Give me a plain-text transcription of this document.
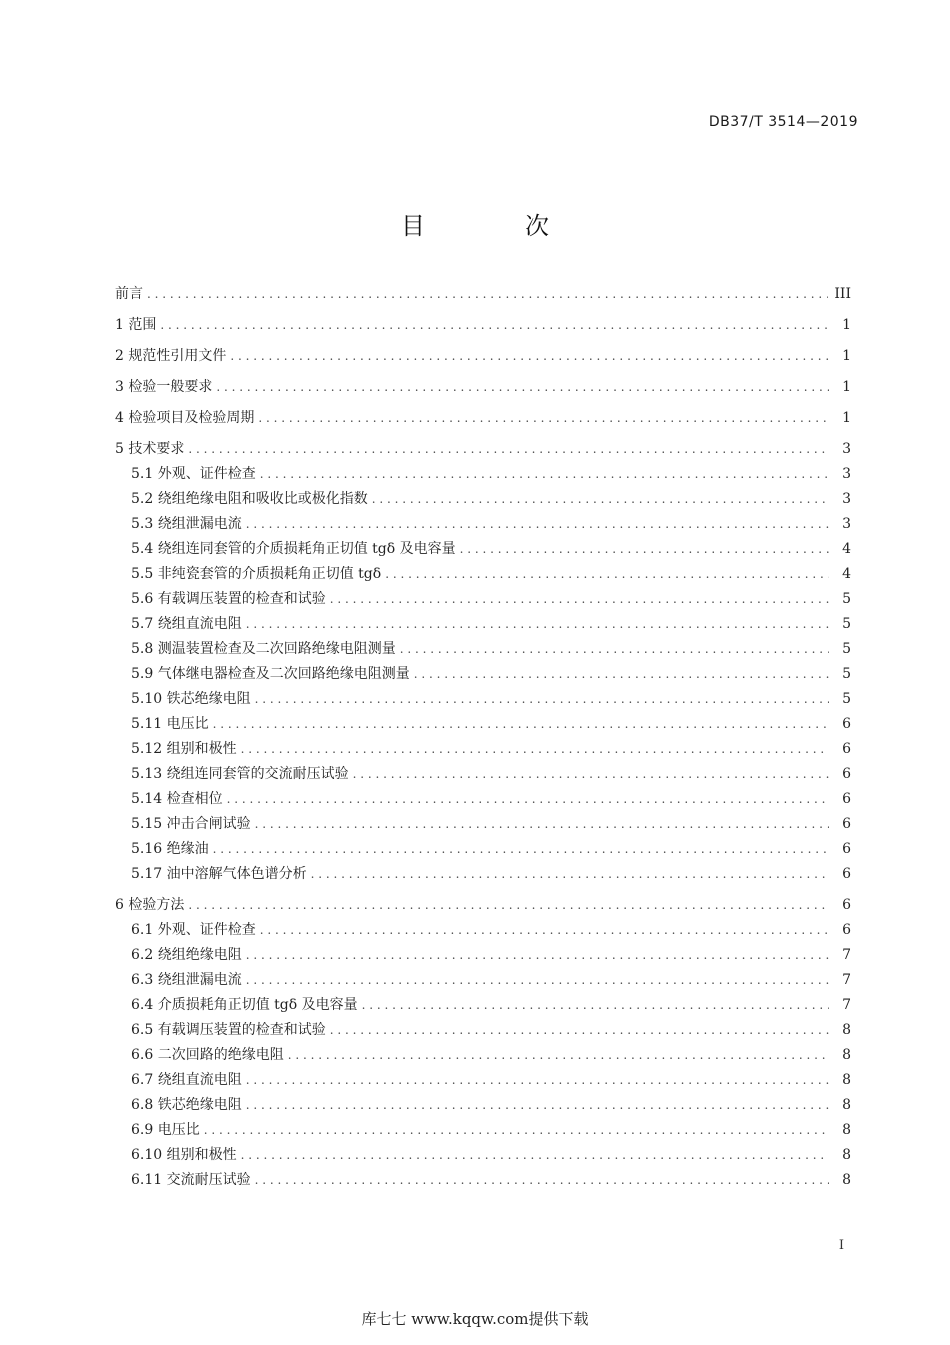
DB37/T 3514—2019
目　次
前言 . . .	III
1 范围 . . .	1
2 规范性引用文件 . . .	1
3 检验一般要求 . . .	1
4 检验项目及检验周期 . . .	1
5 技术要求 . . .	3
5.1 外观、证件检查 . . .	3
5.2 绕组绝缘电阻和吸收比或极化指数 . . .	3
5.3 绕组泄漏电流 . . .	3
5.4 绕组连同套管的介质损耗角正切值 tgδ 及电容量 . . .	4
5.5 非纯瓷套管的介质损耗角正切值 tgδ . . .	4
5.6 有载调压装置的检查和试验 . . .	5
5.7 绕组直流电阻 . . .	5
5.8 测温装置检查及二次回路绝缘电阻测量 . . .	5
5.9 气体继电器检查及二次回路绝缘电阻测量 . . .	5
5.10 铁芯绝缘电阻 . . .	5
5.11 电压比 . . .	6
5.12 组别和极性 . . .	6
5.13 绕组连同套管的交流耐压试验 . . .	6
5.14 检查相位 . . .	6
5.15 冲击合闸试验 . . .	6
5.16 绝缘油 . . .	6
5.17 油中溶解气体色谱分析 . . .	6
6 检验方法 . . .	6
6.1 外观、证件检查 . . .	6
6.2 绕组绝缘电阻 . . .	7
6.3 绕组泄漏电流 . . .	7
6.4 介质损耗角正切值 tgδ 及电容量 . . .	7
6.5 有载调压装置的检查和试验 . . .	8
6.6 二次回路的绝缘电阻 . . .	8
6.7 绕组直流电阻 . . .	8
6.8 铁芯绝缘电阻 . . .	8
6.9 电压比 . . .	8
6.10 组别和极性 . . .	8
6.11 交流耐压试验 . . .	8
I
库七七 www.kqqw.com提供下载
